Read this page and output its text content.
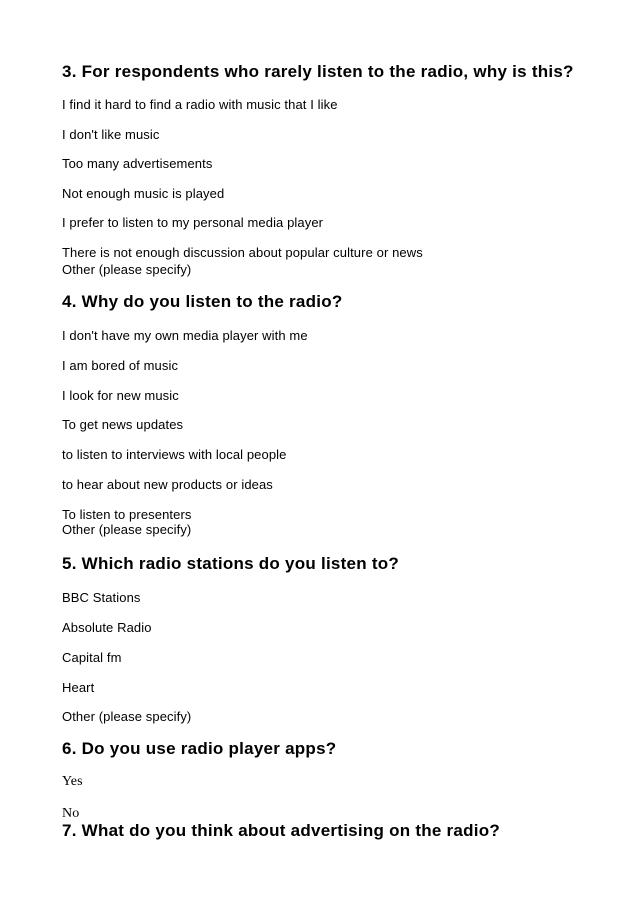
3. For respondents who rarely listen to the radio, why is this?

I find it hard to find a radio with music that I like

I don't like music

Too many advertisements

Not enough music is played

I prefer to listen to my personal media player

There is not enough discussion about popular culture or news

Other (please specify)

4. Why do you listen to the radio?

I don't have my own media player with me

I am bored of music

I look for new music

To get news updates

to listen to interviews with local people

to hear about new products or ideas

To listen to presenters

Other (please specify)

5. Which radio stations do you listen to?

BBC Stations

Absolute Radio

Capital fm

Heart

Other (please specify)

6. Do you use radio player apps?

Yes

No

7. What do you think about advertising on the radio?
